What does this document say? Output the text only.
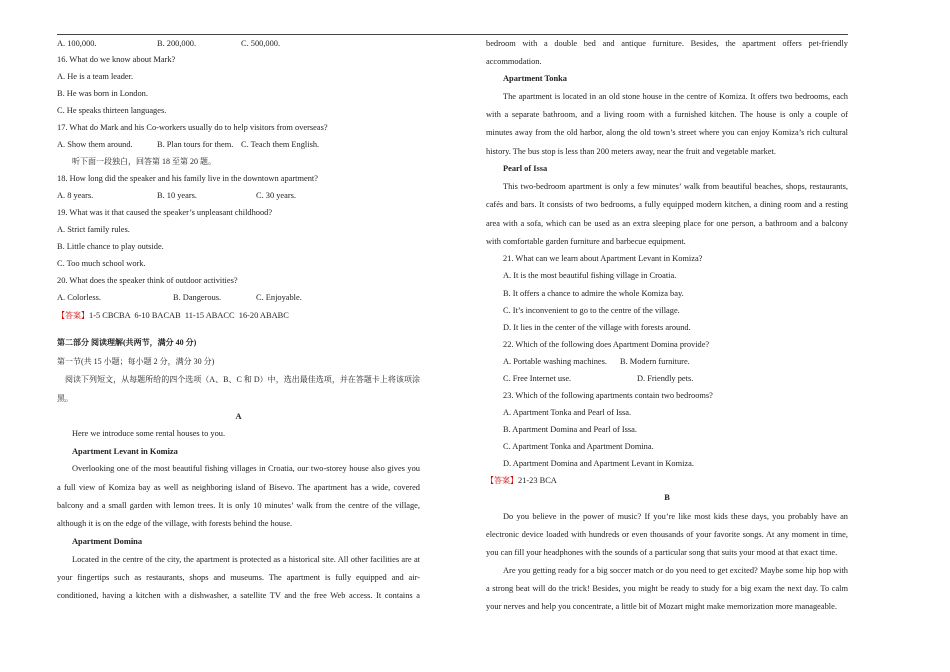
A. 100,000.	B. 200,000.	C. 500,000.
16. What do we know about Mark?
A. He is a team leader.
B. He was born in London.
C. He speaks thirteen languages.
17. What do Mark and his Co-workers usually do to help visitors from overseas?
A. Show them around.	B. Plan tours for them. C. Teach them English.
听下面一段独白，回答第 18 至第 20 题。
18. How long did the speaker and his family live in the downtown apartment?
A. 8 years.	B. 10 years.	C. 30 years.
19. What was it that caused the speaker’s unpleasant childhood?
A. Strict family rules.
B. Little chance to play outside.
C. Too much school work.
20. What does the speaker think of outdoor activities?
A. Colorless.	B. Dangerous.	C. Enjoyable.
【答案】1-5 CBCBA  6-10 BACAB  11-15 ABACC  16-20 ABABC
第二部分 阅读理解(共两节，满分 40 分)
第一节(共 15 小题；每小题 2 分，满分 30 分)
阅读下列短文，从每题所给的四个选项（A、B、C 和 D）中，选出最佳选项，并在答题卡上将该项涂
黑。
A
Here we introduce some rental houses to you.
Apartment Levant in Komiza
Overlooking one of the most beautiful fishing villages in Croatia, our two-storey house also gives you
a full view of Komiza bay as well as neighboring island of Bisevo. The apartment has a wide, covered
balcony and a small garden with lemon trees. It is only 10 minutes’ walk from the centre of the village,
although it is on the edge of the village, with forests behind the house.
Apartment Domina
Located in the centre of the city, the apartment is protected as a historical site. All other facilities are at
your fingertips such as restaurants, shops and museums. The apartment is fully equipped and air-
conditioned, having a kitchen with a dishwasher, a satellite TV and the free Web access. It contains a
bedroom with a double bed and antique furniture. Besides, the apartment offers pet-friendly
accommodation.
Apartment Tonka
The apartment is located in an old stone house in the centre of Komiza. It offers two bedrooms, each
with a separate bathroom, and a living room with a furnished kitchen. The house is only a couple of
minutes away from the old harbor, along the old town’s street where you can enjoy Komiza’s rich cultural
history. The bus stop is less than 200 meters away, near the fruit and vegetable market.
Pearl of Issa
This two-bedroom apartment is only a few minutes’ walk from beautiful beaches, shops, restaurants,
cafés and bars. It consists of two bedrooms, a fully equipped modern kitchen, a dining room and a resting
area with a sofa, which can be used as an extra sleeping place for one person, a bathroom and a balcony
with comfortable garden furniture and barbecue equipment.
21. What can we learn about Apartment Levant in Komiza?
A. It is the most beautiful fishing village in Croatia.
B. It offers a chance to admire the whole Komiza bay.
C. It’s inconvenient to go to the centre of the village.
D. It lies in the center of the village with forests around.
22. Which of the following does Apartment Domina provide?
A. Portable washing machines. B. Modern furniture.
C. Free Internet use.	D. Friendly pets.
23. Which of the following apartments contain two bedrooms?
A. Apartment Tonka and Pearl of Issa.
B. Apartment Domina and Pearl of Issa.
C. Apartment Tonka and Apartment Domina.
D. Apartment Domina and Apartment Levant in Komiza.
【答案】21-23 BCA
B
Do you believe in the power of music? If you’re like most kids these days, you probably have an
electronic device loaded with hundreds or even thousands of your favorite songs. At any moment in time,
you can fill your headphones with the sounds of a particular song that suits your mood at that exact time.
Are you getting ready for a big soccer match or do you need to get excited? Maybe some hip hop with
a strong beat will do the trick! Besides, you might be ready to study for a big exam the next day. To calm
your nerves and help you concentrate, a little bit of Mozart might make memorization more manageable.
